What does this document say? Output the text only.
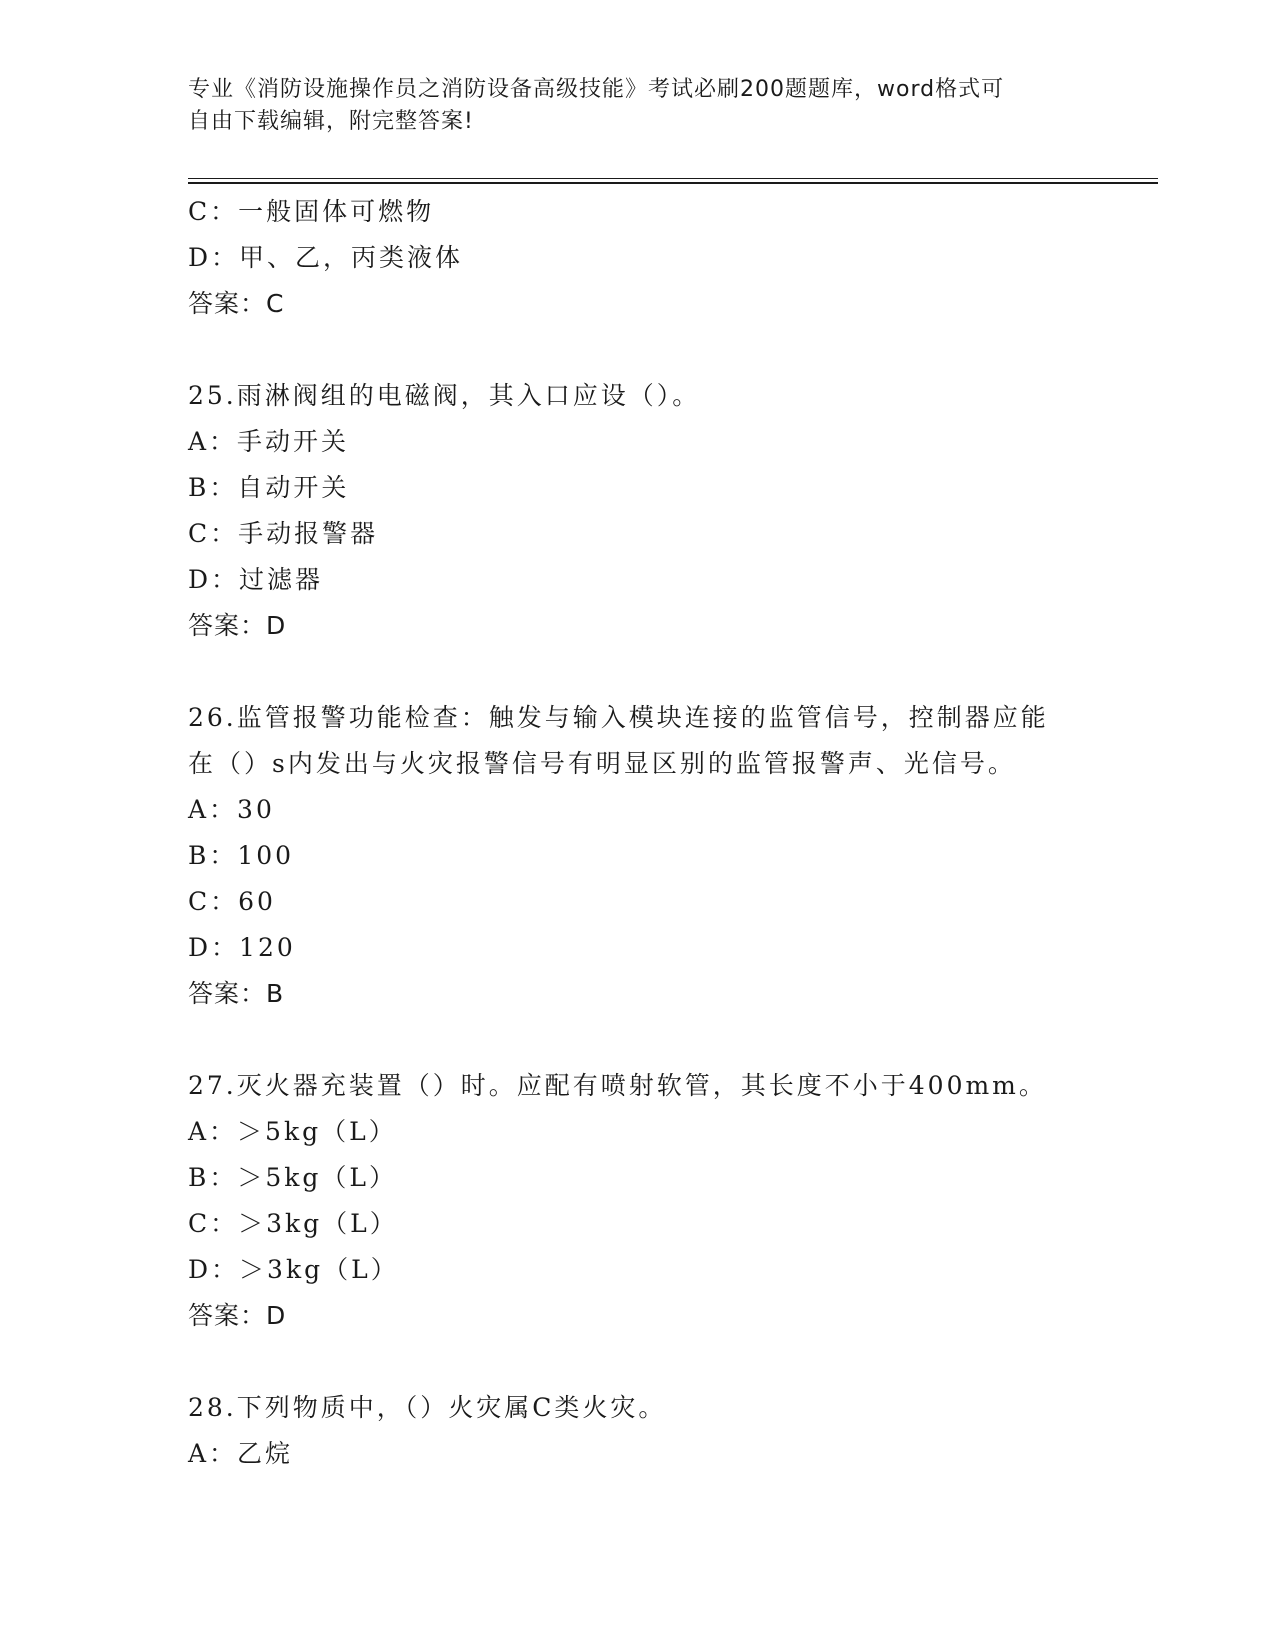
专业《消防设施操作员之消防设备高级技能》考试必刷200题题库，word格式可
自由下载编辑，附完整答案!
C：一般固体可燃物
D：甲、乙，丙类液体
答案：C
25.雨淋阀组的电磁阀，其入口应设（）。
A：手动开关
B：自动开关
C：手动报警器
D：过滤器
答案：D
26.监管报警功能检查：触发与输入模块连接的监管信号，控制器应能
在（）s内发出与火灾报警信号有明显区别的监管报警声、光信号。
A：30
B：100
C：60
D：120
答案：B
27.灭火器充装置（）时。应配有喷射软管，其长度不小于400mm。
A：＞5kg（L）
B：＞5kg（L）
C：＞3kg（L）
D：＞3kg（L）
答案：D
28.下列物质中，（）火灾属C类火灾。
A：乙烷
